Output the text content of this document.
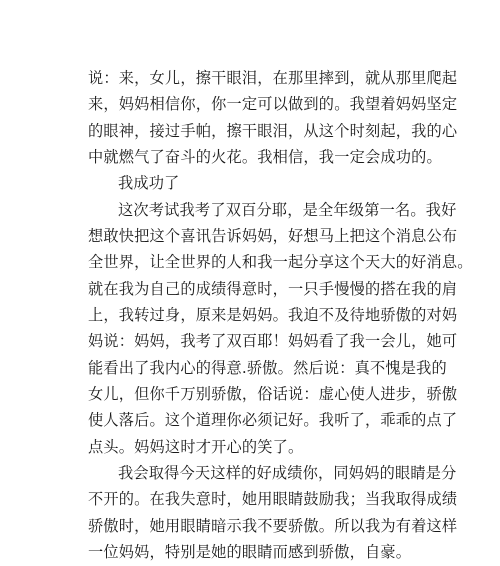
说：来，女儿，擦干眼泪，在那里摔到，就从那里爬起
来，妈妈相信你，你一定可以做到的。我望着妈妈坚定
的眼神，接过手帕，擦干眼泪，从这个时刻起，我的心
中就燃气了奋斗的火花。我相信，我一定会成功的。
我成功了
这次考试我考了双百分耶，是全年级第一名。我好
想敢快把这个喜讯告诉妈妈，好想马上把这个消息公布
全世界，让全世界的人和我一起分享这个天大的好消息。
就在我为自己的成绩得意时，一只手慢慢的搭在我的肩
上，我转过身，原来是妈妈。我迫不及待地骄傲的对妈
妈说：妈妈，我考了双百耶！妈妈看了我一会儿，她可
能看出了我内心的得意.骄傲。然后说：真不愧是我的
女儿，但你千万别骄傲，俗话说：虚心使人进步，骄傲
使人落后。这个道理你必须记好。我听了，乖乖的点了
点头。妈妈这时才开心的笑了。
我会取得今天这样的好成绩你，同妈妈的眼睛是分
不开的。在我失意时，她用眼睛鼓励我；当我取得成绩
骄傲时，她用眼睛暗示我不要骄傲。所以我为有着这样
一位妈妈，特别是她的眼睛而感到骄傲，自豪。
